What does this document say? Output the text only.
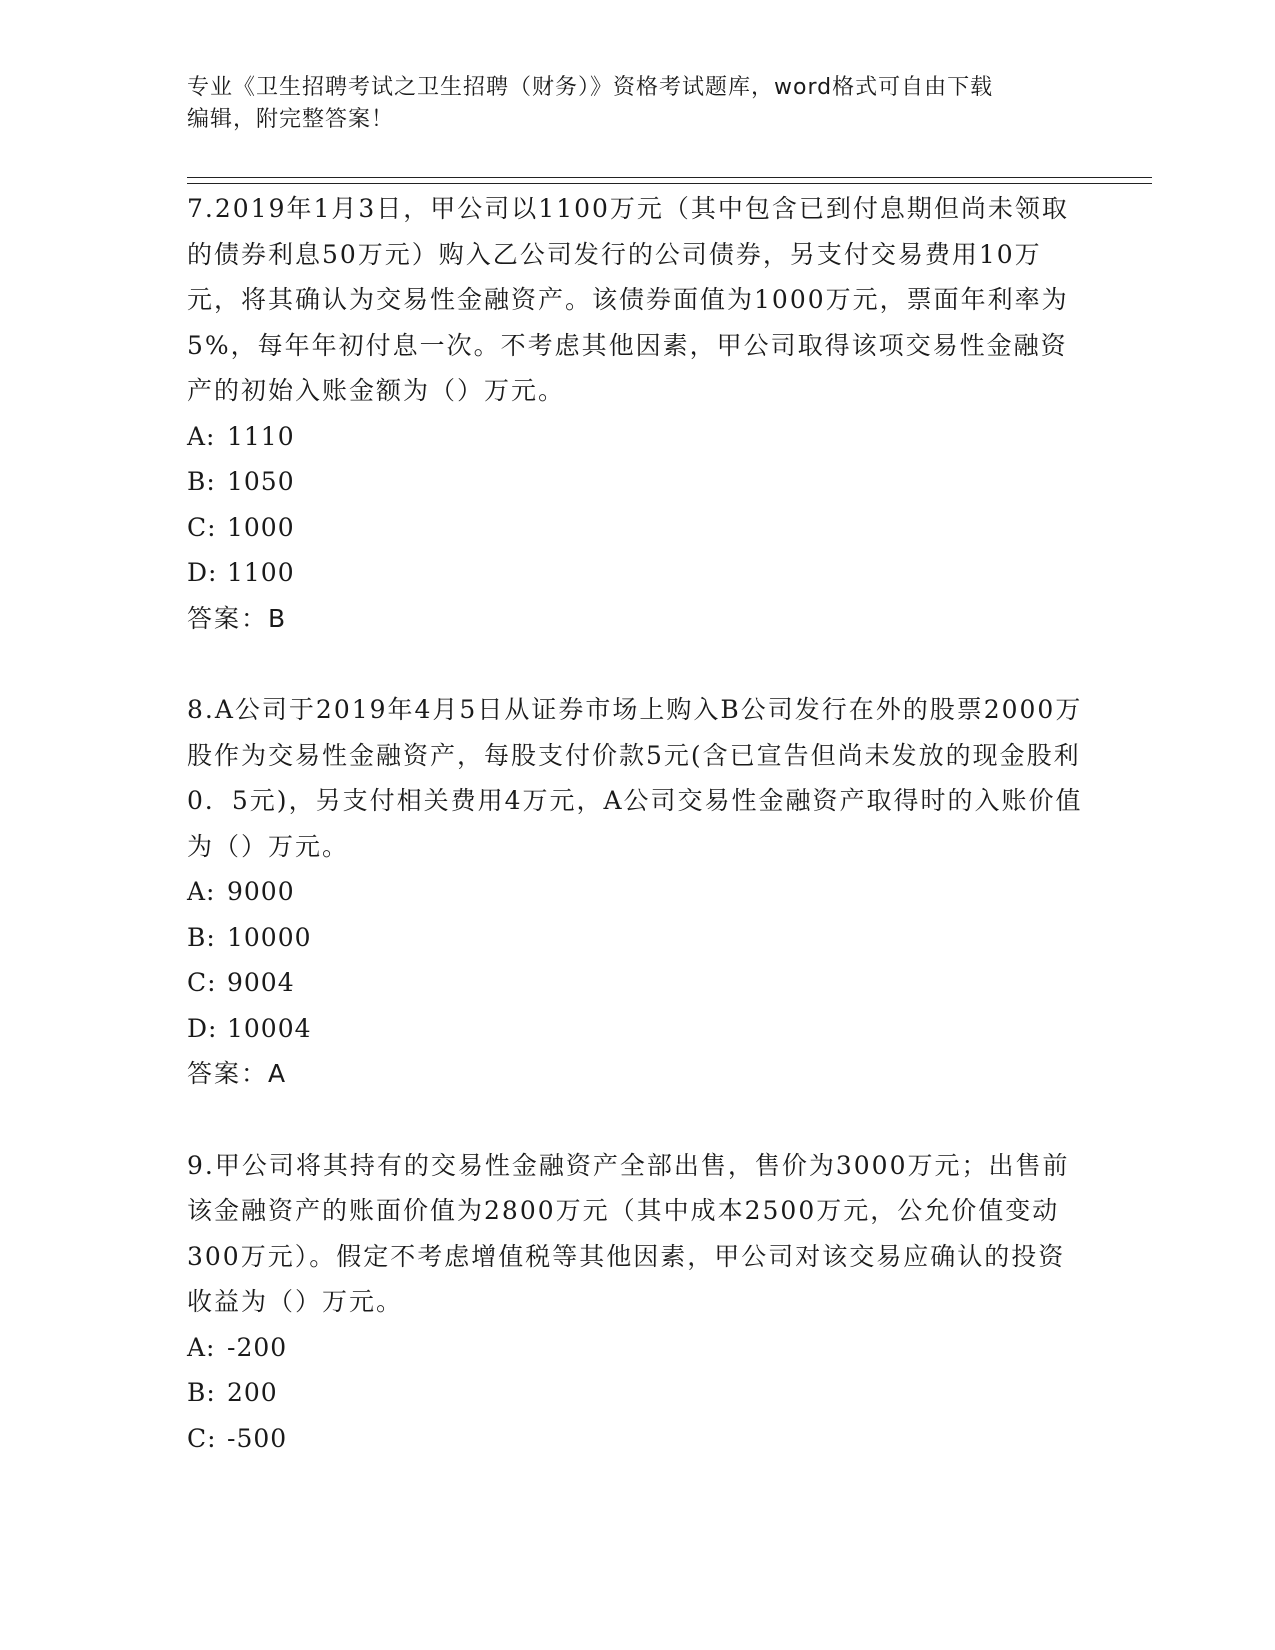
专业《卫生招聘考试之卫生招聘（财务）》资格考试题库，word格式可自由下载
编辑，附完整答案！

7.2019年1月3日，甲公司以1100万元（其中包含已到付息期但尚未领取的债券利息50万元）购入乙公司发行的公司债券，另支付交易费用10万元，将其确认为交易性金融资产。该债券面值为1000万元，票面年利率为5%，每年年初付息一次。不考虑其他因素，甲公司取得该项交易性金融资产的初始入账金额为（）万元。

A: 1110
B: 1050
C: 1000
D: 1100
答案：B

8.A公司于2019年4月5日从证券市场上购入B公司发行在外的股票2000万股作为交易性金融资产，每股支付价款5元(含已宣告但尚未发放的现金股利0．5元)，另支付相关费用4万元，A公司交易性金融资产取得时的入账价值为（）万元。

A: 9000
B: 10000
C: 9004
D: 10004
答案：A

9.甲公司将其持有的交易性金融资产全部出售，售价为3000万元；出售前该金融资产的账面价值为2800万元（其中成本2500万元，公允价值变动300万元）。假定不考虑增值税等其他因素，甲公司对该交易应确认的投资收益为（）万元。

A: -200
B: 200
C: -500
